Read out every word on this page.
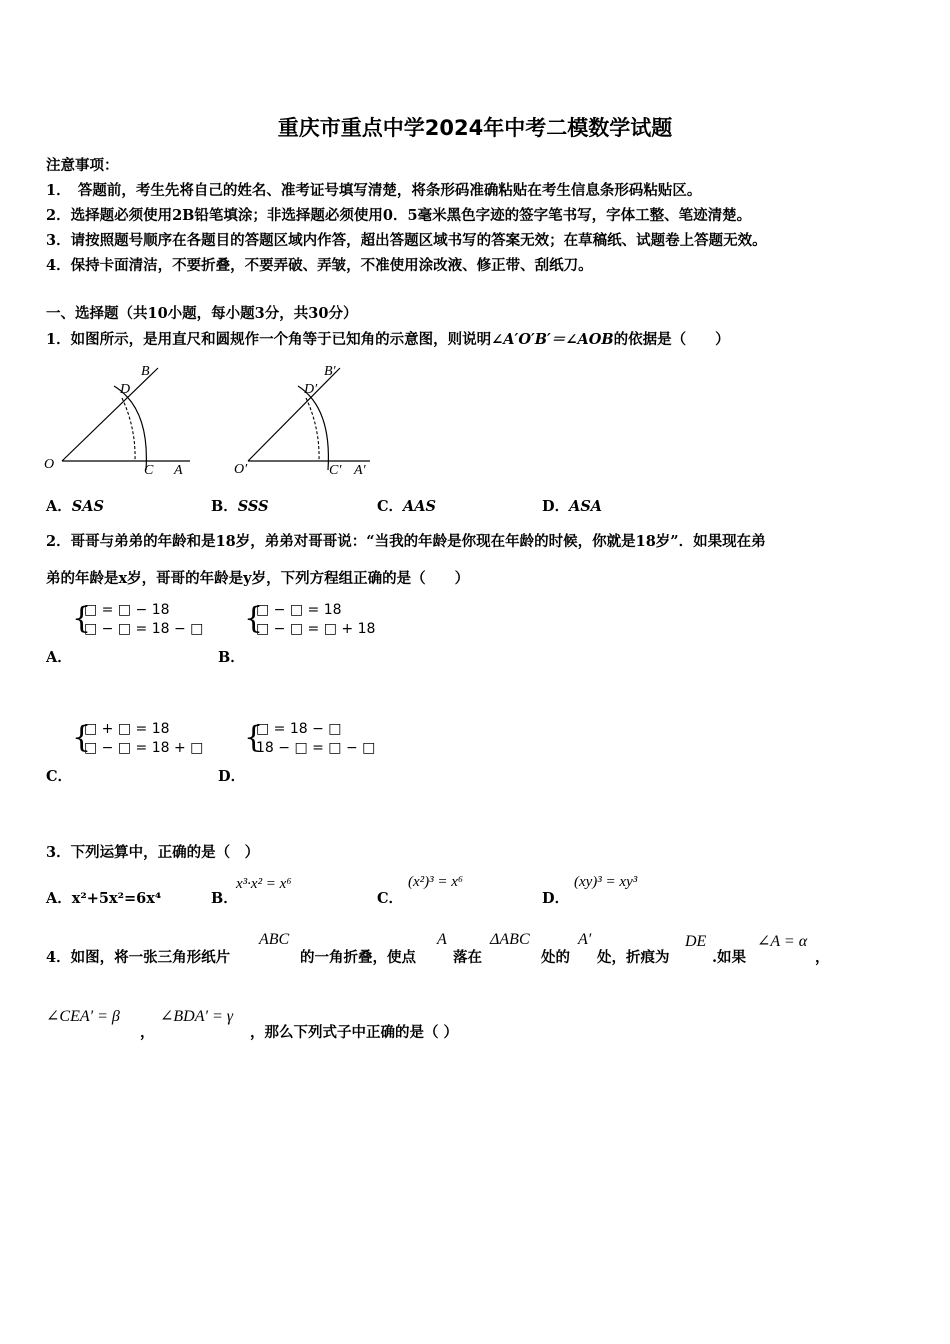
重庆市重点中学2024年中考二模数学试题
注意事项：
1．　答题前，考生先将自己的姓名、准考证号填写清楚，将条形码准确粘贴在考生信息条形码粘贴区。
2．选择题必须使用2B铅笔填涂；非选择题必须使用0．5毫米黑色字迹的签字笔书写，字体工整、笔迹清楚。
3．请按照题号顺序在各题目的答题区域内作答，超出答题区域书写的答案无效；在草稿纸、试题卷上答题无效。
4．保持卡面清洁，不要折叠，不要弄破、弄皱，不准使用涂改液、修正带、刮纸刀。
一、选择题（共10小题，每小题3分，共30分）
1．如图所示，是用直尺和圆规作一个角等于已知角的示意图，则说明∠A′O′B′＝∠AOB的依据是（　　）
O	C A
B
D
O′	C′ A′
B′
D′
A．SAS	B．SSS	C．AAS	D．ASA
2．哥哥与弟弟的年龄和是18岁，弟弟对哥哥说：“当我的年龄是你现在年龄的时候，你就是18岁”．如果现在弟
弟的年龄是x岁，哥哥的年龄是y岁，下列方程组正确的是（　　）
{
□ = □ − 18
□ − □ = 18 − □ {
□ − □ = 18
□ − □ = □ + 18
A．	B．
{
□ + □ = 18
□ − □ = 18 + □ {
□ = 18 − □
18 − □ = □ − □
C．	D．
3．下列运算中，正确的是（　）
A．x²+5x²=6x⁴	B．
x³·x² = x⁶
C．
(x²)³ = x⁶
D．
(xy)³ = xy³
4．如图，将一张三角形纸片
ABC
的一角折叠，使点
A
落在
ΔABC
处的
A′
处，折痕为
DE
.如果
∠A = α
，
∠CEA′ = β
，
∠BDA′ = γ
，那么下列式子中正确的是（ ）
